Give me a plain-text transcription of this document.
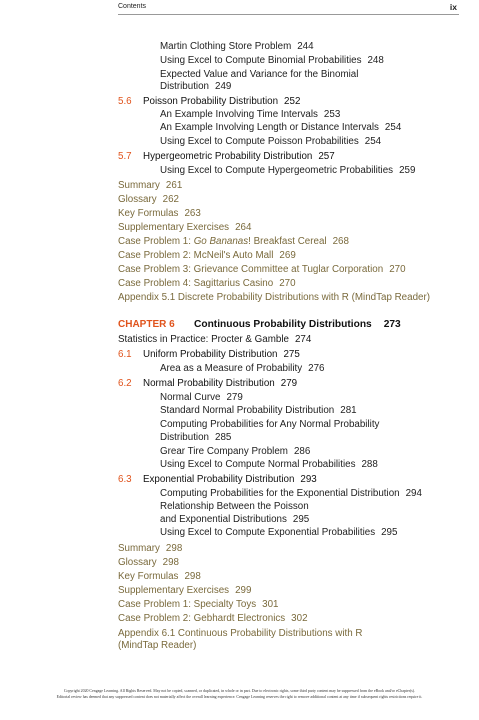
Contents	ix
Martin Clothing Store Problem 244
Using Excel to Compute Binomial Probabilities 248
Expected Value and Variance for the Binomial
Distribution 249
5.6 Poisson Probability Distribution 252
An Example Involving Time Intervals 253
An Example Involving Length or Distance Intervals 254
Using Excel to Compute Poisson Probabilities 254
5.7 Hypergeometric Probability Distribution 257
Using Excel to Compute Hypergeometric Probabilities 259
Summary 261
Glossary 262
Key Formulas 263
Supplementary Exercises 264
Case Problem 1: Go Bananas! Breakfast Cereal 268
Case Problem 2: McNeil's Auto Mall 269
Case Problem 3: Grievance Committee at Tuglar Corporation 270
Case Problem 4: Sagittarius Casino 270
Appendix 5.1 Discrete Probability Distributions with R (MindTap Reader)
CHAPTER 6 Continuous Probability Distributions 273
Statistics in Practice: Procter & Gamble 274
6.1 Uniform Probability Distribution 275
Area as a Measure of Probability 276
6.2 Normal Probability Distribution 279
Normal Curve 279
Standard Normal Probability Distribution 281
Computing Probabilities for Any Normal Probability
Distribution 285
Grear Tire Company Problem 286
Using Excel to Compute Normal Probabilities 288
6.3 Exponential Probability Distribution 293
Computing Probabilities for the Exponential Distribution 294
Relationship Between the Poisson
and Exponential Distributions 295
Using Excel to Compute Exponential Probabilities 295
Summary 298
Glossary 298
Key Formulas 298
Supplementary Exercises 299
Case Problem 1: Specialty Toys 301
Case Problem 2: Gebhardt Electronics 302
Appendix 6.1 Continuous Probability Distributions with R
(MindTap Reader)
Copyright 2020 Cengage Learning. All Rights Reserved. May not be copied, scanned, or duplicated, in whole or in part. Due to electronic rights, some third party content may be suppressed from the eBook and/or eChapter(s).
Editorial review has deemed that any suppressed content does not materially affect the overall learning experience. Cengage Learning reserves the right to remove additional content at any time if subsequent rights restrictions require it.
